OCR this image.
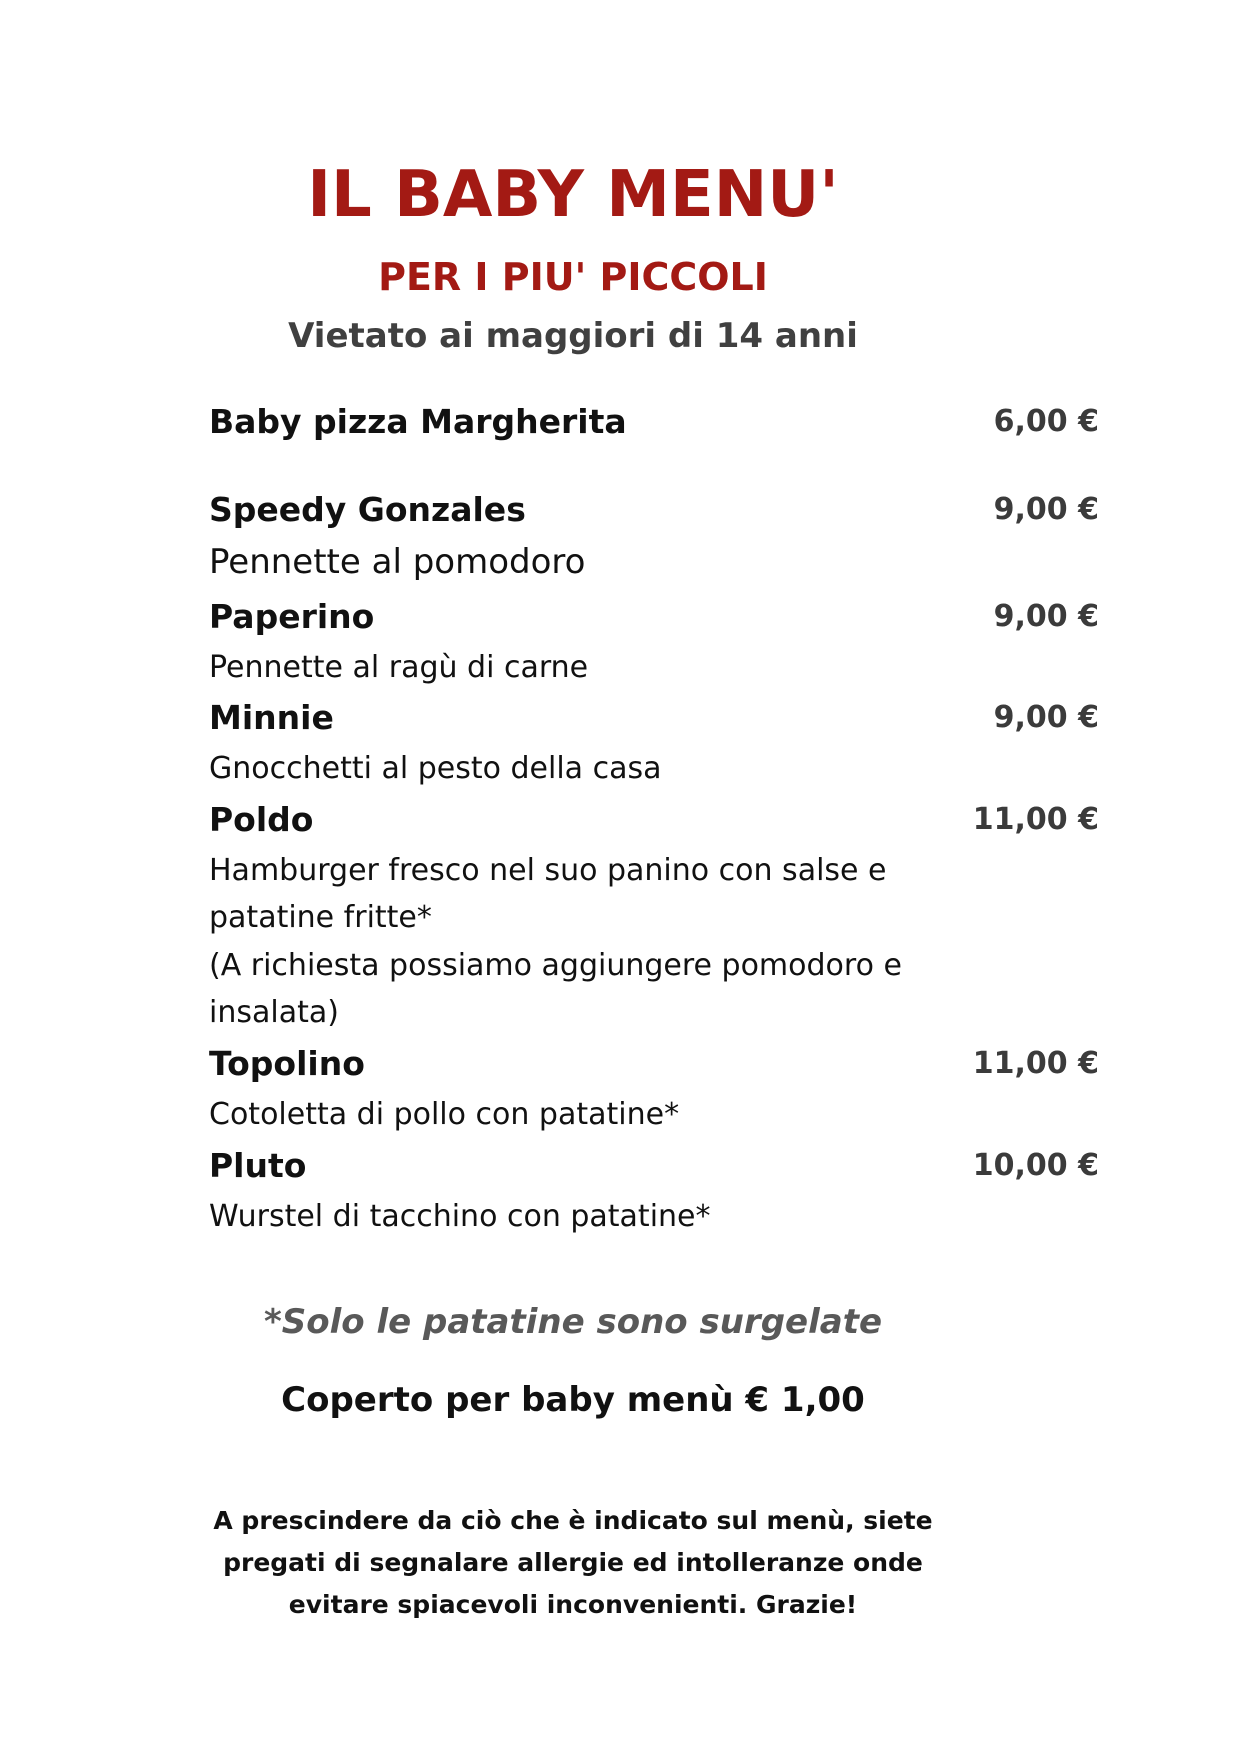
IL BABY MENU'
PER I PIU' PICCOLI
Vietato ai maggiori di 14 anni
Baby pizza Margherita	6,00 €
Speedy Gonzales	9,00 €
Pennette al pomodoro
Paperino	9,00 €
Pennette al ragù di carne
Minnie	9,00 €
Gnocchetti al pesto della casa
Poldo	11,00 €
Hamburger fresco nel suo panino con salse e
patatine fritte*
(A richiesta possiamo aggiungere pomodoro e
insalata)
Topolino	11,00 €
Cotoletta di pollo con patatine*
Pluto	10,00 €
Wurstel di tacchino con patatine*
*Solo le patatine sono surgelate
Coperto per baby menù € 1,00
A prescindere da ciò che è indicato sul menù, siete
pregati di segnalare allergie ed intolleranze onde
evitare spiacevoli inconvenienti. Grazie!
